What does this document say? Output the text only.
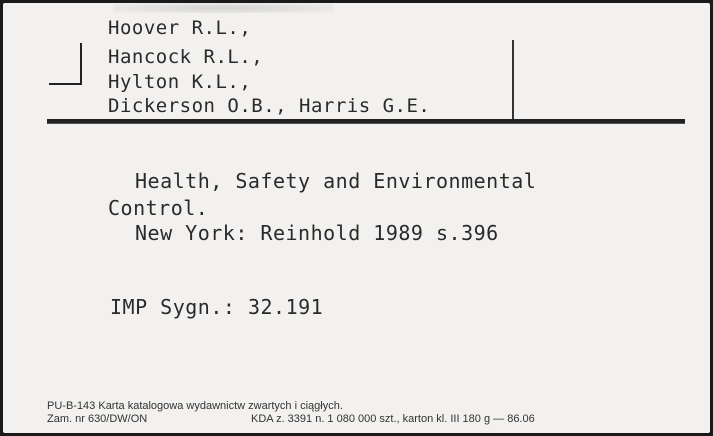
Hoover R.L.,
Hancock R.L.,
Hylton K.L.,
Dickerson O.B., Harris G.E.
Health, Safety and Environmental
Control.
New York: Reinhold 1989 s.396
IMP Sygn.: 32.191
PU-B-143 Karta katalogowa wydawnictw zwartych i ciągłych.
Zam. nr 630/DW/ON	KDA z. 3391 n. 1 080 000 szt., karton kl. III 180 g — 86.06
